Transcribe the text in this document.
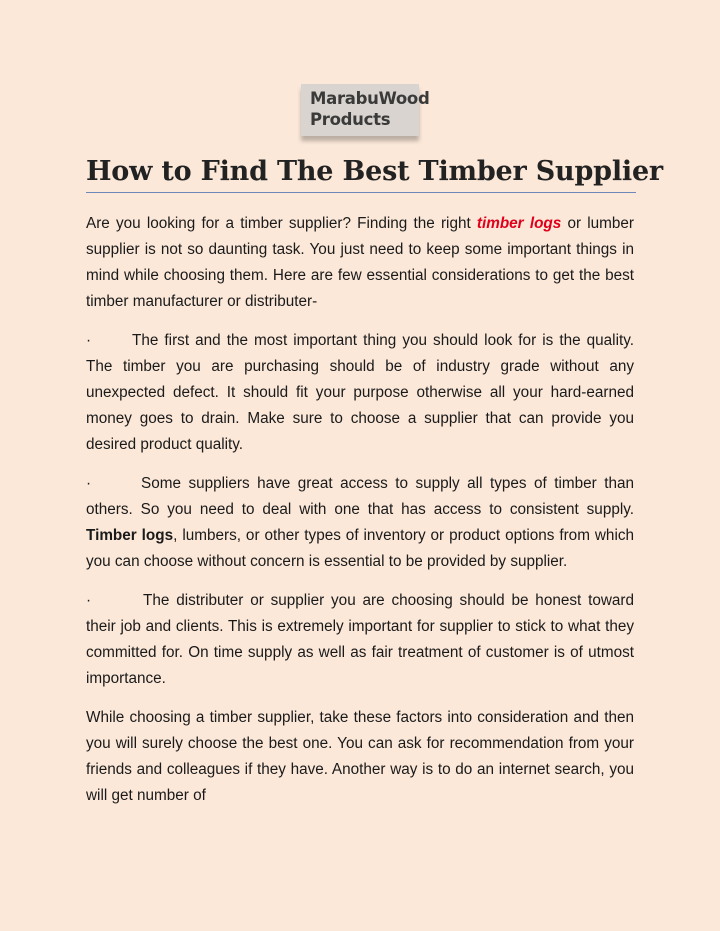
MarabuWood
Products
How to Find The Best Timber Supplier

Are you looking for a timber supplier? Finding the right timber logs or lumber supplier is not so daunting task. You just need to keep some important things in mind while choosing them. Here are few essential considerations to get the best timber manufacturer or distributer-

·	The first and the most important thing you should look for is the quality. The timber you are purchasing should be of industry grade without any unexpected defect. It should fit your purpose otherwise all your hard-earned money goes to drain. Make sure to choose a supplier that can provide you desired product quality.

·	Some suppliers have great access to supply all types of timber than others. So you need to deal with one that has access to consistent supply. Timber logs, lumbers, or other types of inventory or product options from which you can choose without concern is essential to be provided by supplier.

·	The distributer or supplier you are choosing should be honest toward their job and clients. This is extremely important for supplier to stick to what they committed for. On time supply as well as fair treatment of customer is of utmost importance.

While choosing a timber supplier, take these factors into consideration and then you will surely choose the best one. You can ask for recommendation from your friends and colleagues if they have. Another way is to do an internet search, you will get number of
